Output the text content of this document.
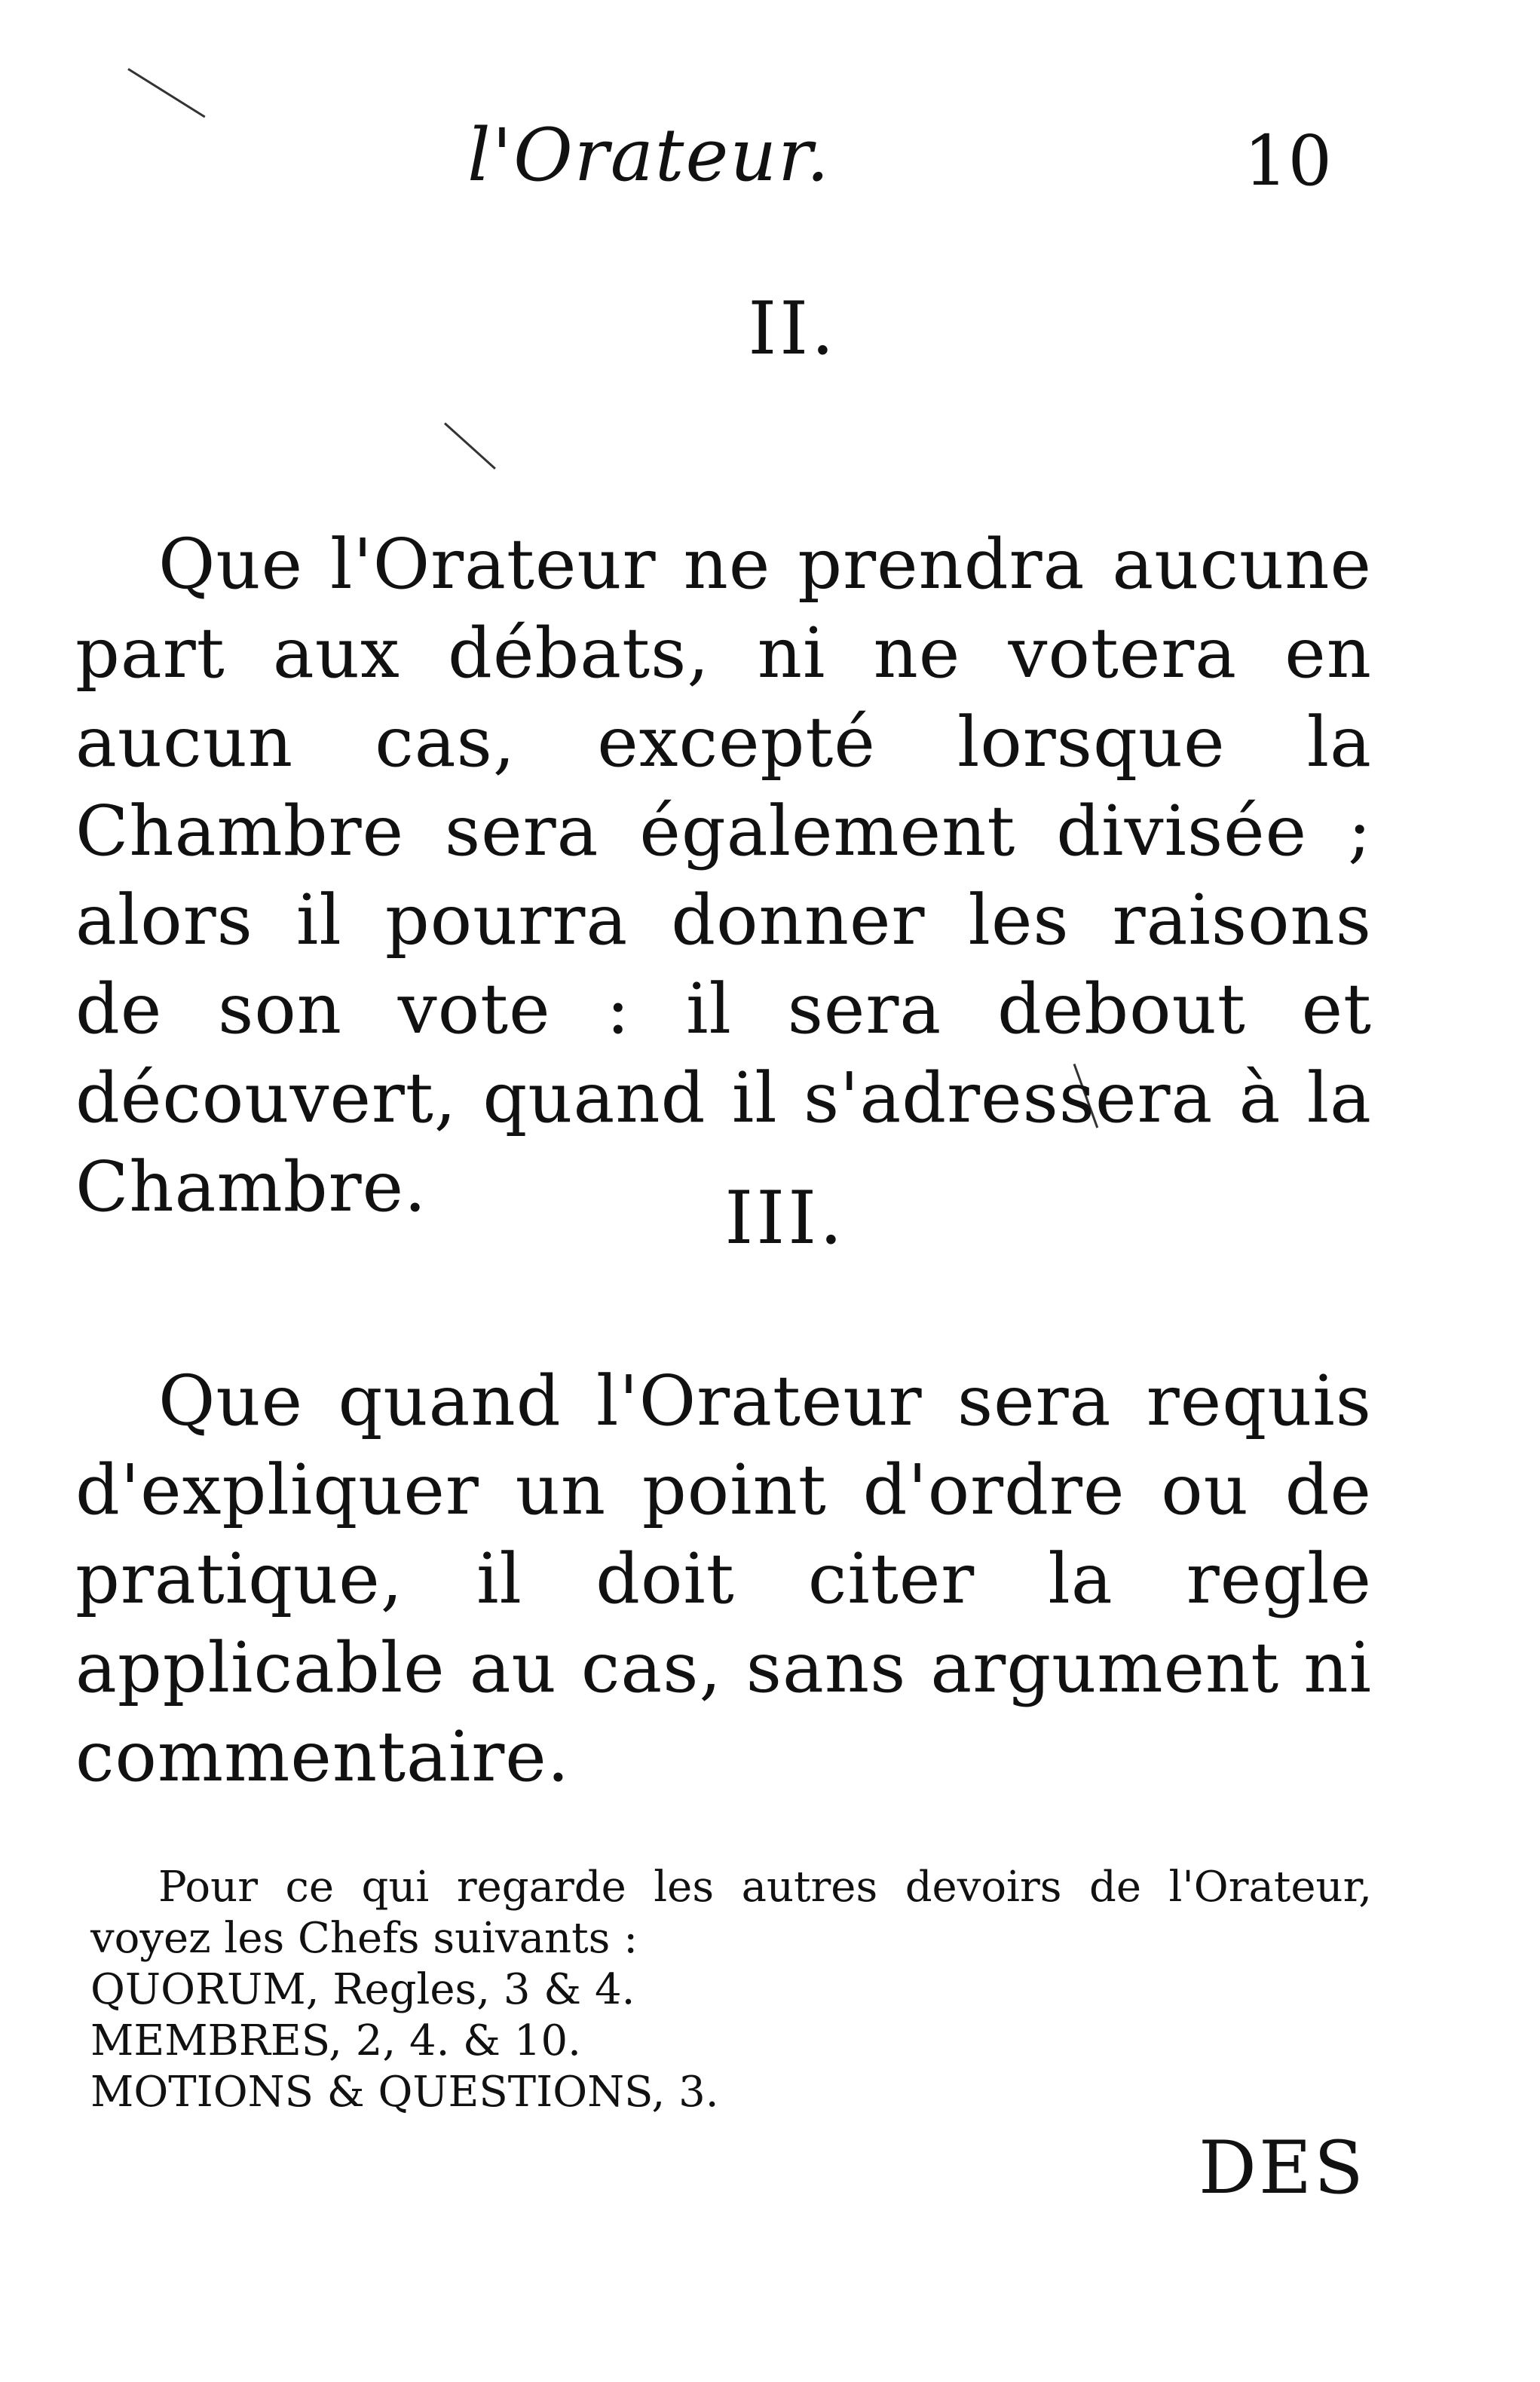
l'Orateur.	10
II.
Que l'Orateur ne prendra aucune part aux débats, ni ne votera en aucun cas, excepté lorsque la Chambre sera également divisée ; alors il pourra donner les raisons de son vote : il sera debout et découvert, quand il s'adressera à la Chambre.	III.
Que quand l'Orateur sera requis d'expliquer un point d'ordre ou de pratique, il doit citer la regle applicable au cas, sans argument ni commentaire.
Pour ce qui regarde les autres devoirs de l'Orateur, voyez les Chefs suivants :
QUORUM, Regles, 3 & 4.
MEMBRES, 2, 4. & 10.
MOTIONS & QUESTIONS, 3.
DES
